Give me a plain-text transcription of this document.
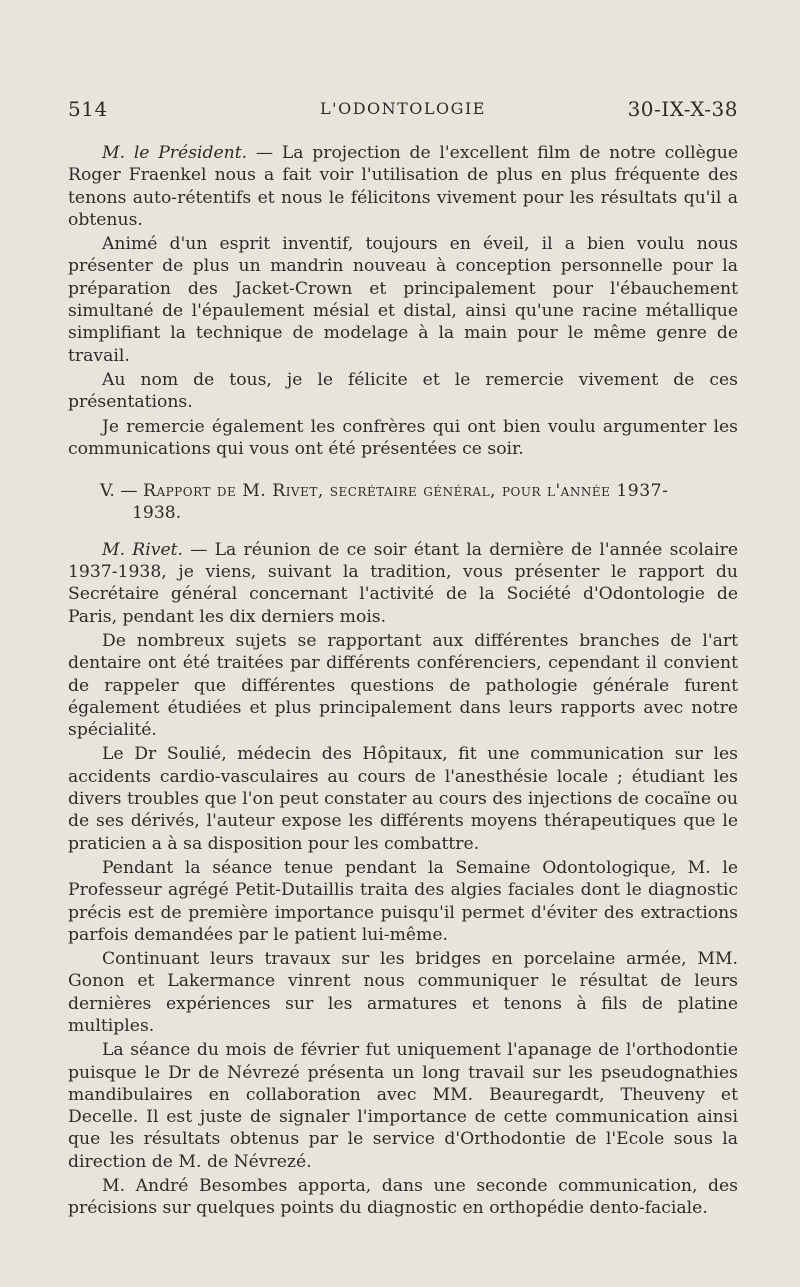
514	L'ODONTOLOGIE	30-IX-X-38

M. le Président. — La projection de l'excellent film de notre collègue Roger Fraenkel nous a fait voir l'utilisation de plus en plus fréquente des tenons auto-rétentifs et nous le félicitons vivement pour les résultats qu'il a obtenus.

Animé d'un esprit inventif, toujours en éveil, il a bien voulu nous présenter de plus un mandrin nouveau à conception personnelle pour la préparation des Jacket-Crown et principalement pour l'ébauchement simultané de l'épaulement mésial et distal, ainsi qu'une racine métallique simplifiant la technique de modelage à la main pour le même genre de travail.

Au nom de tous, je le félicite et le remercie vivement de ces présentations.

Je remercie également les confrères qui ont bien voulu argumenter les communications qui vous ont été présentées ce soir.

V. — Rapport de M. Rivet, secrétaire général, pour l'année 1937-
1938.

M. Rivet. — La réunion de ce soir étant la dernière de l'année scolaire 1937-1938, je viens, suivant la tradition, vous présenter le rapport du Secrétaire général concernant l'activité de la Société d'Odontologie de Paris, pendant les dix derniers mois.

De nombreux sujets se rapportant aux différentes branches de l'art dentaire ont été traitées par différents conférenciers, cependant il convient de rappeler que différentes questions de pathologie générale furent également étudiées et plus principalement dans leurs rapports avec notre spécialité.

Le Dr Soulié, médecin des Hôpitaux, fit une communication sur les accidents cardio-vasculaires au cours de l'anesthésie locale ; étudiant les divers troubles que l'on peut constater au cours des injections de cocaïne ou de ses dérivés, l'auteur expose les différents moyens thérapeutiques que le praticien a à sa disposition pour les combattre.

Pendant la séance tenue pendant la Semaine Odontologique, M. le Professeur agrégé Petit-Dutaillis traita des algies faciales dont le diagnostic précis est de première importance puisqu'il permet d'éviter des extractions parfois demandées par le patient lui-même.

Continuant leurs travaux sur les bridges en porcelaine armée, MM. Gonon et Lakermance vinrent nous communiquer le résultat de leurs dernières expériences sur les armatures et tenons à fils de platine multiples.

La séance du mois de février fut uniquement l'apanage de l'orthodontie puisque le Dr de Névrezé présenta un long travail sur les pseudognathies mandibulaires en collaboration avec MM. Beauregardt, Theuveny et Decelle. Il est juste de signaler l'importance de cette communication ainsi que les résultats obtenus par le service d'Orthodontie de l'Ecole sous la direction de M. de Névrezé.

M. André Besombes apporta, dans une seconde communication, des précisions sur quelques points du diagnostic en orthopédie dento-faciale.
